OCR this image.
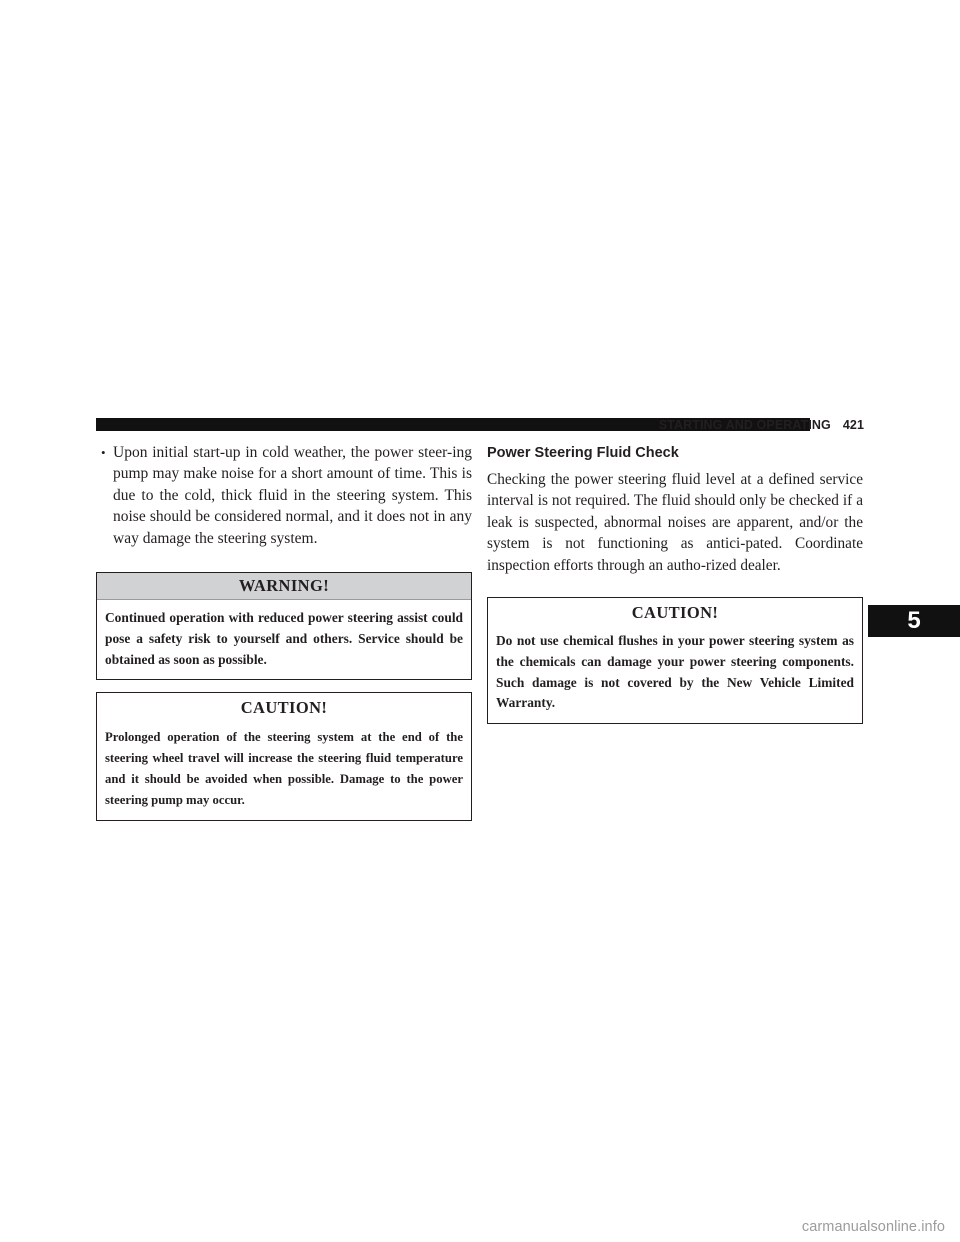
STARTING AND OPERATING 421
• Upon initial start-up in cold weather, the power steer-ing pump may make noise for a short amount of time. This is due to the cold, thick fluid in the steering system. This noise should be considered normal, and it does not in any way damage the steering system.
WARNING!
Continued operation with reduced power steering assist could pose a safety risk to yourself and others. Service should be obtained as soon as possible.
CAUTION!
Prolonged operation of the steering system at the end of the steering wheel travel will increase the steering fluid temperature and it should be avoided when possible. Damage to the power steering pump may occur.
Power Steering Fluid Check
Checking the power steering fluid level at a defined service interval is not required. The fluid should only be checked if a leak is suspected, abnormal noises are apparent, and/or the system is not functioning as antici-pated. Coordinate inspection efforts through an autho-rized dealer.
CAUTION!
Do not use chemical flushes in your power steering system as the chemicals can damage your power steering components. Such damage is not covered by the New Vehicle Limited Warranty.
5
carmanualsonline.info
